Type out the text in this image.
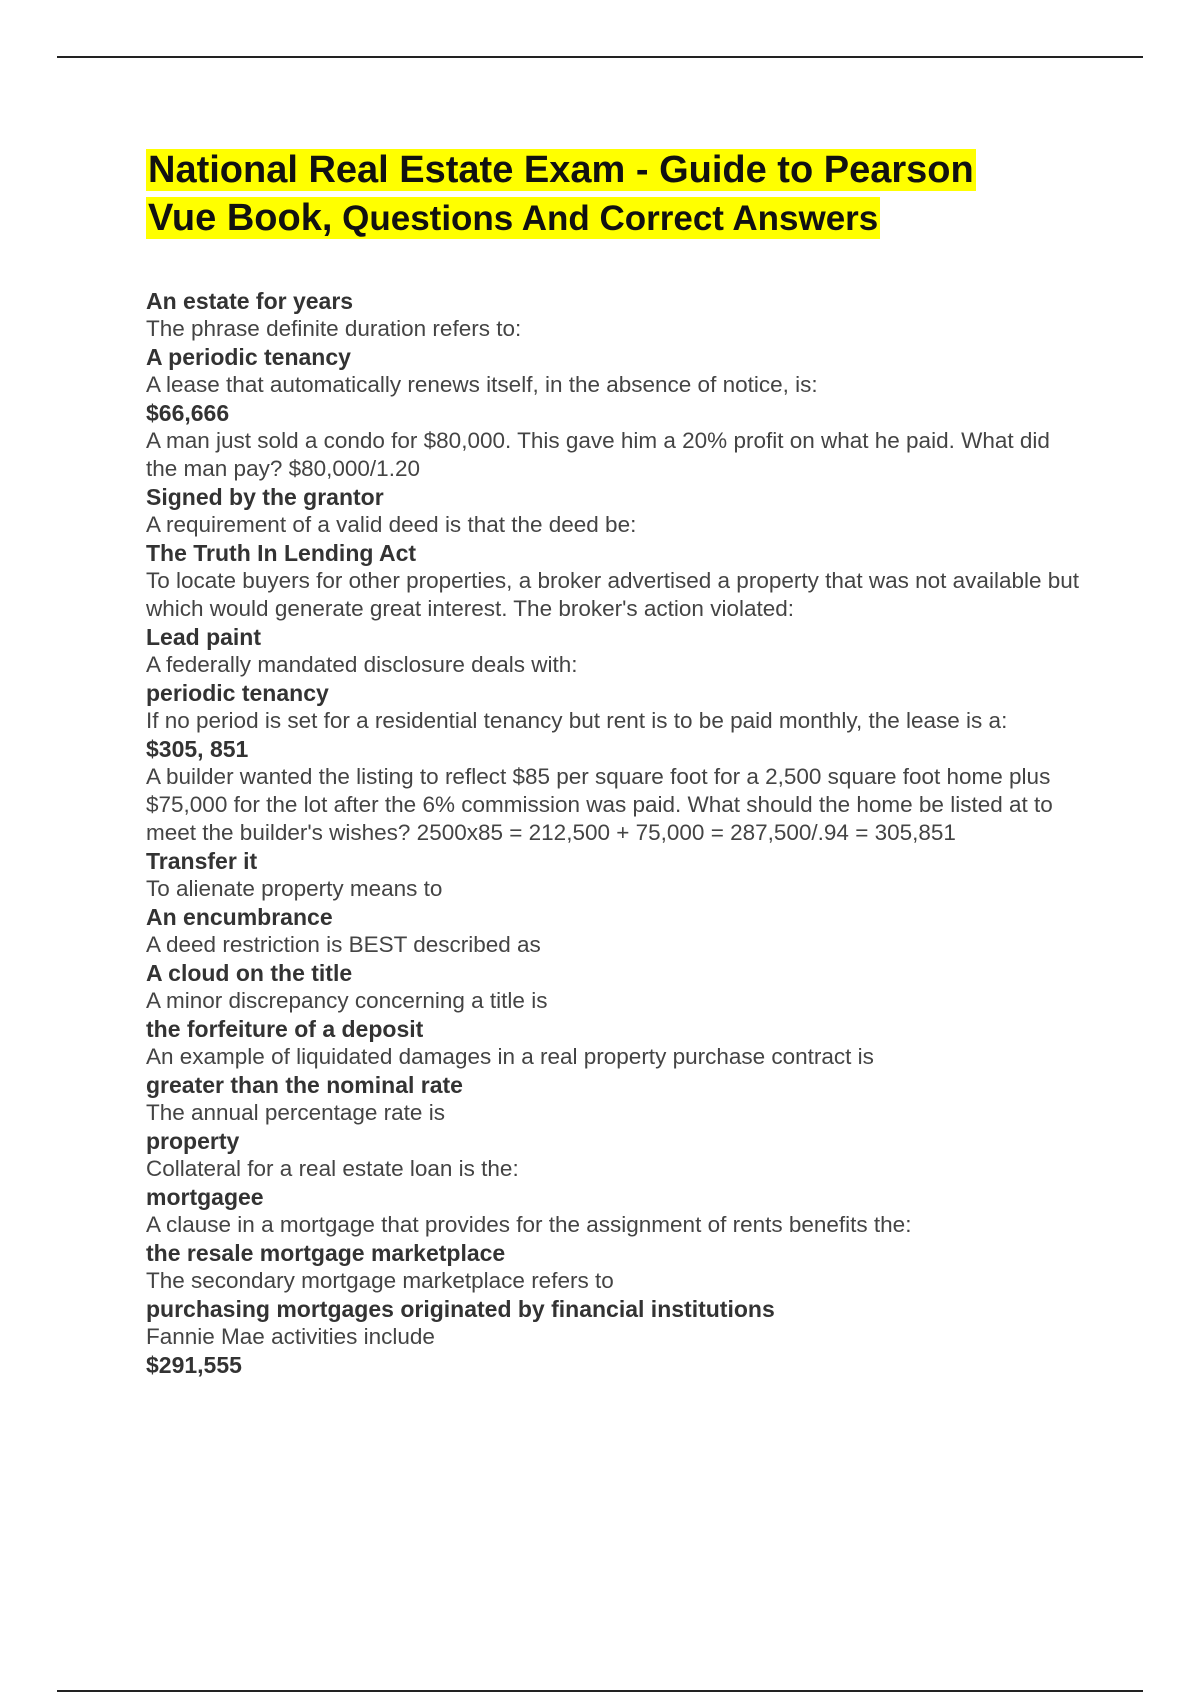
National Real Estate Exam - Guide to Pearson
Vue Book, Questions And Correct Answers
An estate for years
The phrase definite duration refers to:
A periodic tenancy
A lease that automatically renews itself, in the absence of notice, is:
$66,666
A man just sold a condo for $80,000. This gave him a 20% profit on what he paid. What did the man pay? $80,000/1.20
Signed by the grantor
A requirement of a valid deed is that the deed be:
The Truth In Lending Act
To locate buyers for other properties, a broker advertised a property that was not available but which would generate great interest. The broker's action violated:
Lead paint
A federally mandated disclosure deals with:
periodic tenancy
If no period is set for a residential tenancy but rent is to be paid monthly, the lease is a:
$305, 851
A builder wanted the listing to reflect $85 per square foot for a 2,500 square foot home plus $75,000 for the lot after the 6% commission was paid. What should the home be listed at to meet the builder's wishes? 2500x85 = 212,500 + 75,000 = 287,500/.94 = 305,851
Transfer it
To alienate property means to
An encumbrance
A deed restriction is BEST described as
A cloud on the title
A minor discrepancy concerning a title is
the forfeiture of a deposit
An example of liquidated damages in a real property purchase contract is
greater than the nominal rate
The annual percentage rate is
property
Collateral for a real estate loan is the:
mortgagee
A clause in a mortgage that provides for the assignment of rents benefits the:
the resale mortgage marketplace
The secondary mortgage marketplace refers to
purchasing mortgages originated by financial institutions
Fannie Mae activities include
$291,555
